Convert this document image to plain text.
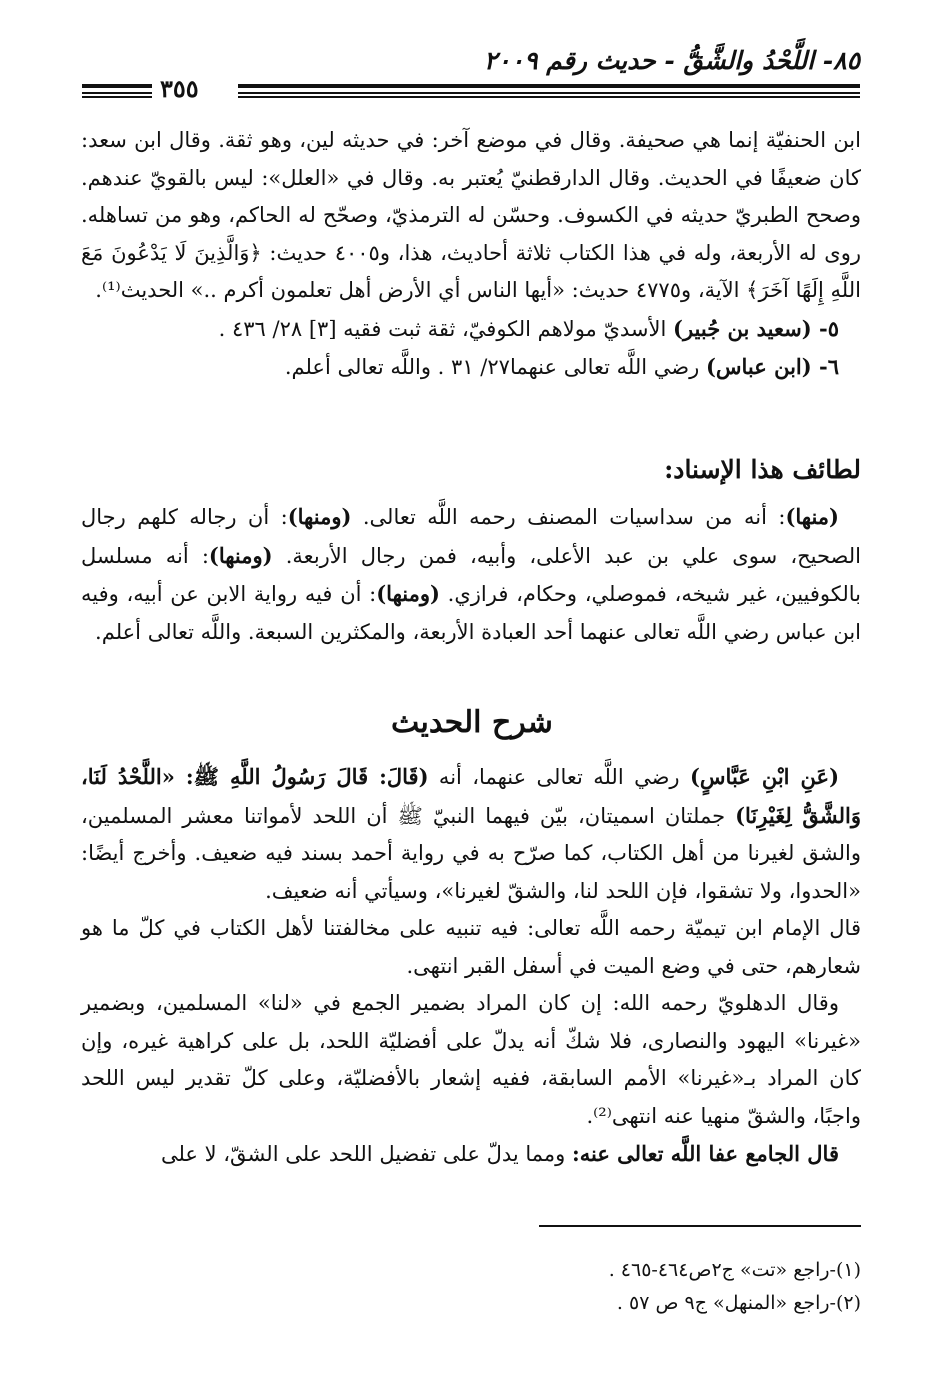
٨٥- اللَّحْدُ والشَّقُّ - حديث رقم ٢٠٠٩
٣٥٥

ابن الحنفيّة إنما هي صحيفة. وقال في موضع آخر: في حديثه لين، وهو ثقة. وقال ابن سعد: كان ضعيفًا في الحديث. وقال الدارقطنيّ يُعتبر به. وقال في «العلل»: ليس بالقويّ عندهم. وصحح الطبريّ حديثه في الكسوف. وحسّن له الترمذيّ، وصحّح له الحاكم، وهو من تساهله. روى له الأربعة، وله في هذا الكتاب ثلاثة أحاديث، هذا، و٤٠٠٥ حديث: ﴿وَالَّذِينَ لَا يَدْعُونَ مَعَ اللَّهِ إِلَهًا آخَرَ﴾ الآية، و٤٧٧٥ حديث: «أيها الناس أي الأرض أهل تعلمون أكرم ..» الحديث⁽¹⁾.

٥- (سعيد بن جُبير) الأسديّ مولاهم الكوفيّ، ثقة ثبت فقيه [٣] ٢٨/ ٤٣٦ .

٦- (ابن عباس) رضي اللَّه تعالى عنهما٢٧/ ٣١ . واللَّه تعالى أعلم.

لطائف هذا الإسناد:

(منها): أنه من سداسيات المصنف رحمه اللَّه تعالى. (ومنها): أن رجاله كلهم رجال الصحيح، سوى علي بن عبد الأعلى، وأبيه، فمن رجال الأربعة. (ومنها): أنه مسلسل بالكوفيين، غير شيخه، فموصلي، وحكام، فرازي. (ومنها): أن فيه رواية الابن عن أبيه، وفيه ابن عباس رضي اللَّه تعالى عنهما أحد العبادة الأربعة، والمكثرين السبعة. واللَّه تعالى أعلم.

شرح الحديث

(عَنِ ابْنِ عَبَّاسٍ) رضي اللَّه تعالى عنهما، أنه (قَالَ: قَالَ رَسُولُ اللَّهِ ﷺ: «اللَّحْدُ لَنَا، وَالشَّقُّ لِغَيْرِنَا) جملتان اسميتان، بيّن فيهما النبيّ ﷺ أن اللحد لأمواتنا معشر المسلمين، والشق لغيرنا من أهل الكتاب، كما صرّح به في رواية أحمد بسند فيه ضعيف. وأخرج أيضًا: «الحدوا، ولا تشقوا، فإن اللحد لنا، والشقّ لغيرنا»، وسيأتي أنه ضعيف.

قال الإمام ابن تيميّة رحمه اللَّه تعالى: فيه تنبيه على مخالفتنا لأهل الكتاب في كلّ ما هو شعارهم، حتى في وضع الميت في أسفل القبر انتهى.

وقال الدهلويّ رحمه الله: إن كان المراد بضمير الجمع في «لنا» المسلمين، وبضمير «غيرنا» اليهود والنصارى، فلا شكّ أنه يدلّ على أفضليّة اللحد، بل على كراهية غيره، وإن كان المراد بـ«غيرنا» الأمم السابقة، ففيه إشعار بالأفضليّة، وعلى كلّ تقدير ليس اللحد واجبًا، والشقّ منهيا عنه انتهى⁽²⁾.

قال الجامع عفا اللَّه تعالى عنه: ومما يدلّ على تفضيل اللحد على الشقّ، لا على

(١)-راجع «تت» ج٢ص٤٦٤-٤٦٥ .

(٢)-راجع «المنهل» ج٩ ص ٥٧ .
